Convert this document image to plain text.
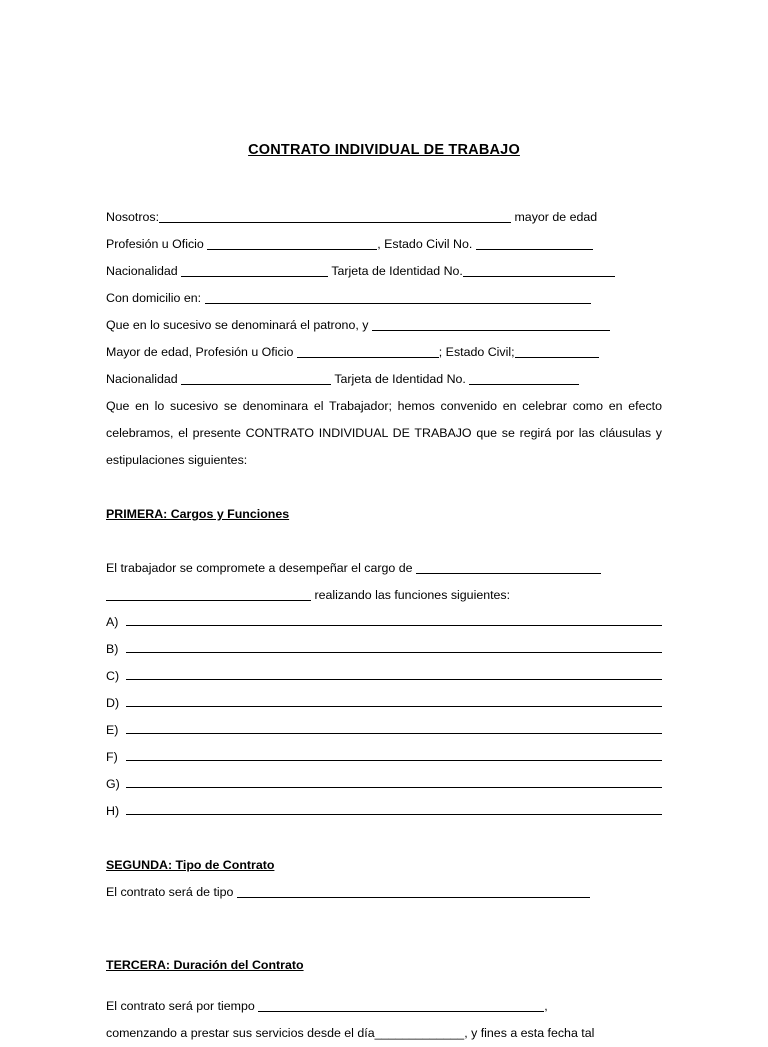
CONTRATO INDIVIDUAL DE TRABAJO
Nosotros:	mayor de edad
Profesión u Oficio	, Estado Civil No.
Nacionalidad	Tarjeta de Identidad No.
Con domicilio en:
Que en lo sucesivo se denominará el patrono, y
Mayor de edad, Profesión u Oficio	; Estado Civil;
Nacionalidad	Tarjeta de Identidad No.
Que en lo sucesivo se denominara el Trabajador; hemos convenido en celebrar como en efecto celebramos, el presente CONTRATO INDIVIDUAL DE TRABAJO que se regirá por las cláusulas y estipulaciones siguientes:
PRIMERA: Cargos y Funciones
El trabajador se compromete a desempeñar el cargo de
realizando las funciones siguientes:
A)
B)
C)
D)
E)
F)
G)
H)
SEGUNDA: Tipo de Contrato
El contrato será de tipo
TERCERA: Duración del Contrato
El contrato será por tiempo	,
comenzando a prestar sus servicios desde el día_____________, y fines a esta fecha tal
